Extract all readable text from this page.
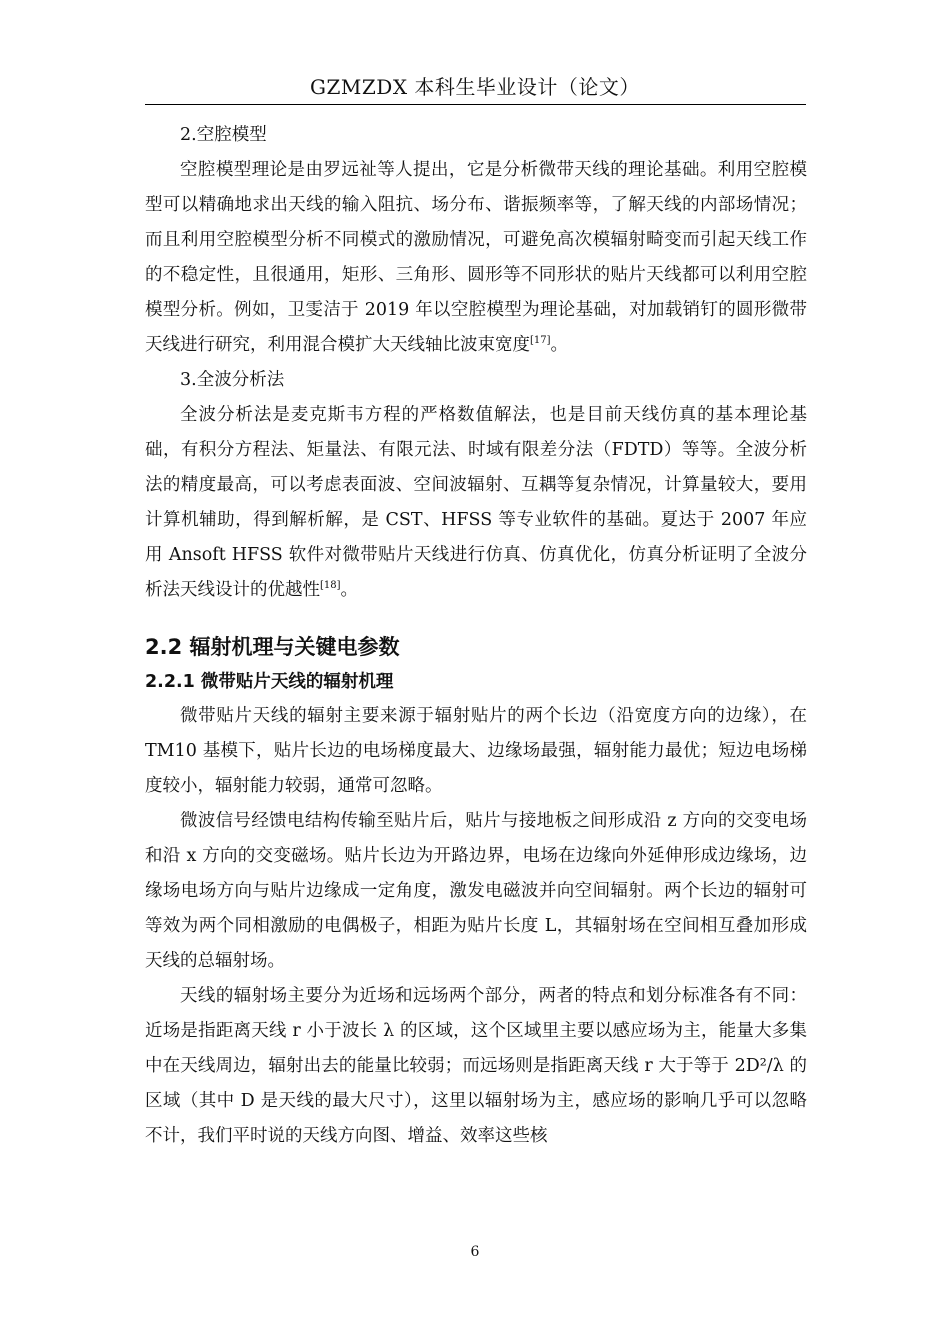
GZMZDX 本科生毕业设计（论文）

2.空腔模型

空腔模型理论是由罗远祉等人提出，它是分析微带天线的理论基础。利用空腔模型可以精确地求出天线的输入阻抗、场分布、谐振频率等，了解天线的内部场情况；而且利用空腔模型分析不同模式的激励情况，可避免高次模辐射畸变而引起天线工作的不稳定性，且很通用，矩形、三角形、圆形等不同形状的贴片天线都可以利用空腔模型分析。例如，卫雯洁于 2019 年以空腔模型为理论基础，对加载销钉的圆形微带天线进行研究，利用混合模扩大天线轴比波束宽度[17]。

3.全波分析法

全波分析法是麦克斯韦方程的严格数值解法，也是目前天线仿真的基本理论基础，有积分方程法、矩量法、有限元法、时域有限差分法（FDTD）等等。全波分析法的精度最高，可以考虑表面波、空间波辐射、互耦等复杂情况，计算量较大，要用计算机辅助，得到解析解，是 CST、HFSS 等专业软件的基础。夏达于 2007 年应用 Ansoft HFSS 软件对微带贴片天线进行仿真、仿真优化，仿真分析证明了全波分析法天线设计的优越性[18]。

2.2 辐射机理与关键电参数
2.2.1 微带贴片天线的辐射机理

微带贴片天线的辐射主要来源于辐射贴片的两个长边（沿宽度方向的边缘），在 TM10 基模下，贴片长边的电场梯度最大、边缘场最强，辐射能力最优；短边电场梯度较小，辐射能力较弱，通常可忽略。

微波信号经馈电结构传输至贴片后，贴片与接地板之间形成沿 z 方向的交变电场和沿 x 方向的交变磁场。贴片长边为开路边界，电场在边缘向外延伸形成边缘场，边缘场电场方向与贴片边缘成一定角度，激发电磁波并向空间辐射。两个长边的辐射可等效为两个同相激励的电偶极子，相距为贴片长度 L，其辐射场在空间相互叠加形成天线的总辐射场。

天线的辐射场主要分为近场和远场两个部分，两者的特点和划分标准各有不同：近场是指距离天线 r 小于波长 λ 的区域，这个区域里主要以感应场为主，能量大多集中在天线周边，辐射出去的能量比较弱；而远场则是指距离天线 r 大于等于 2D²/λ 的区域（其中 D 是天线的最大尺寸），这里以辐射场为主，感应场的影响几乎可以忽略不计，我们平时说的天线方向图、增益、效率这些核

6
